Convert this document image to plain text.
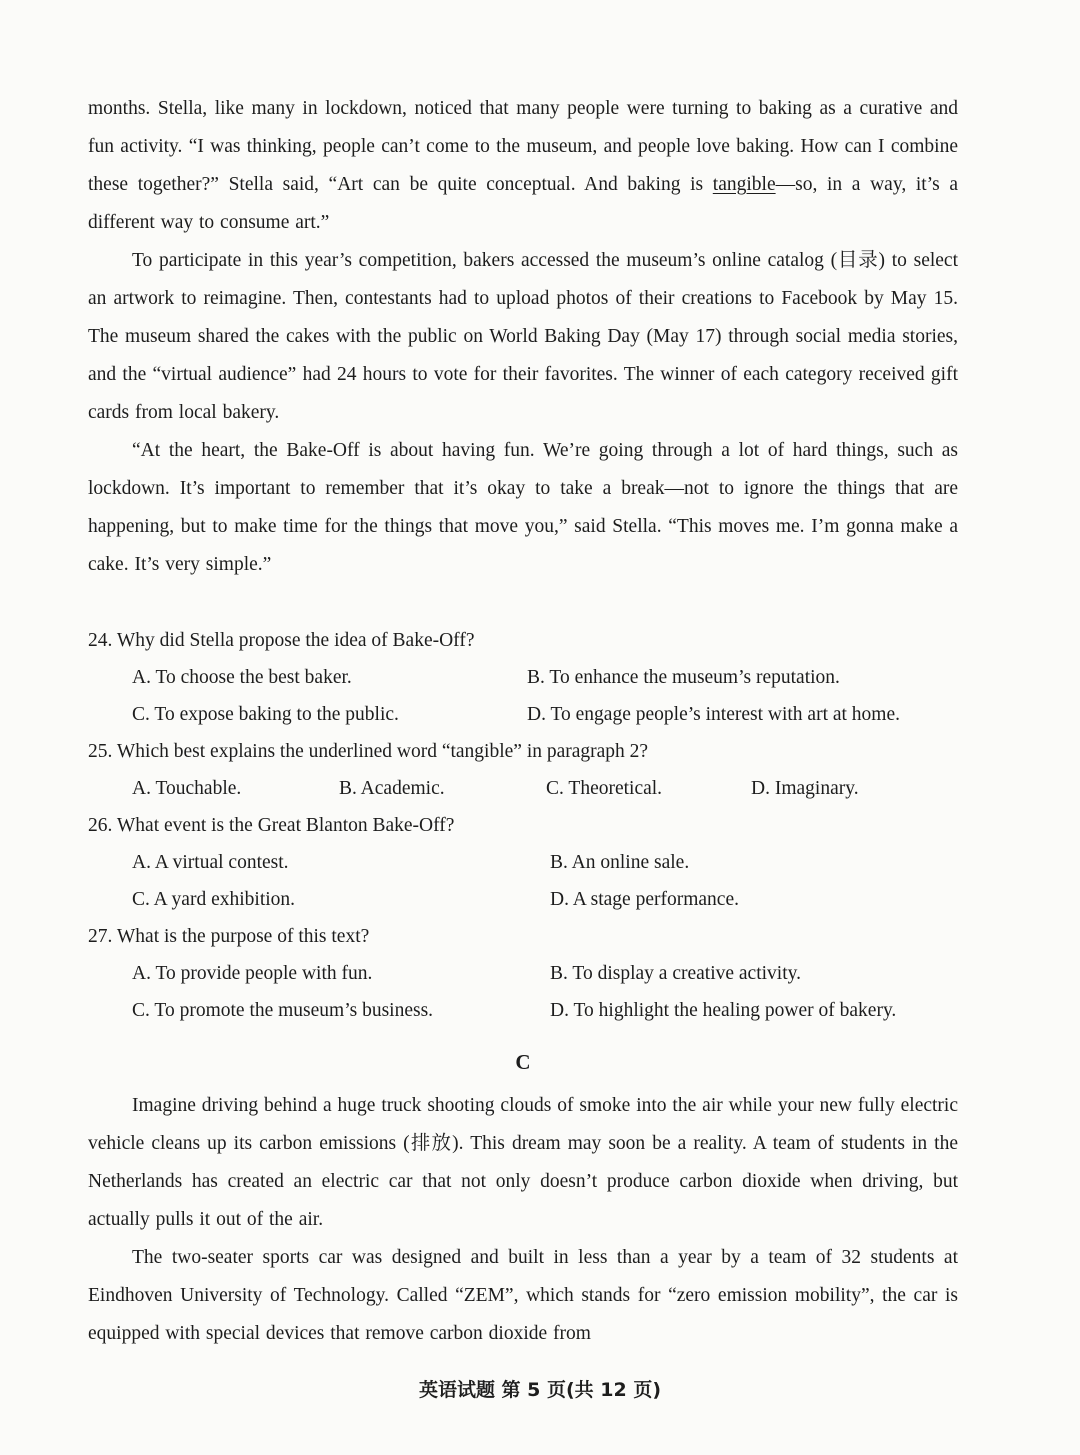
months. Stella, like many in lockdown, noticed that many people were turning to baking as a curative and fun activity. “I was thinking, people can’t come to the museum, and people love baking. How can I combine these together?” Stella said, “Art can be quite conceptual. And baking is tangible—so, in a way, it’s a different way to consume art.”

To participate in this year’s competition, bakers accessed the museum’s online catalog (目录) to select an artwork to reimagine. Then, contestants had to upload photos of their creations to Facebook by May 15. The museum shared the cakes with the public on World Baking Day (May 17) through social media stories, and the “virtual audience” had 24 hours to vote for their favorites. The winner of each category received gift cards from local bakery.

“At the heart, the Bake-Off is about having fun. We’re going through a lot of hard things, such as lockdown. It’s important to remember that it’s okay to take a break—not to ignore the things that are happening, but to make time for the things that move you,” said Stella. “This moves me. I’m gonna make a cake. It’s very simple.”

24. Why did Stella propose the idea of Bake-Off?

A. To choose the best baker.	B. To enhance the museum’s reputation.
C. To expose baking to the public.	D. To engage people’s interest with art at home.

25. Which best explains the underlined word “tangible” in paragraph 2?

A. Touchable.	B. Academic.	C. Theoretical.	D. Imaginary.

26. What event is the Great Blanton Bake-Off?

A. A virtual contest.	B. An online sale.
C. A yard exhibition.	D. A stage performance.

27. What is the purpose of this text?

A. To provide people with fun.	B. To display a creative activity.
C. To promote the museum’s business.	D. To highlight the healing power of bakery.

C

Imagine driving behind a huge truck shooting clouds of smoke into the air while your new fully electric vehicle cleans up its carbon emissions (排放). This dream may soon be a reality. A team of students in the Netherlands has created an electric car that not only doesn’t produce carbon dioxide when driving, but actually pulls it out of the air.

The two-seater sports car was designed and built in less than a year by a team of 32 students at Eindhoven University of Technology. Called “ZEM”, which stands for “zero emission mobility”, the car is equipped with special devices that remove carbon dioxide from

英语试题 第 5 页(共 12 页)
